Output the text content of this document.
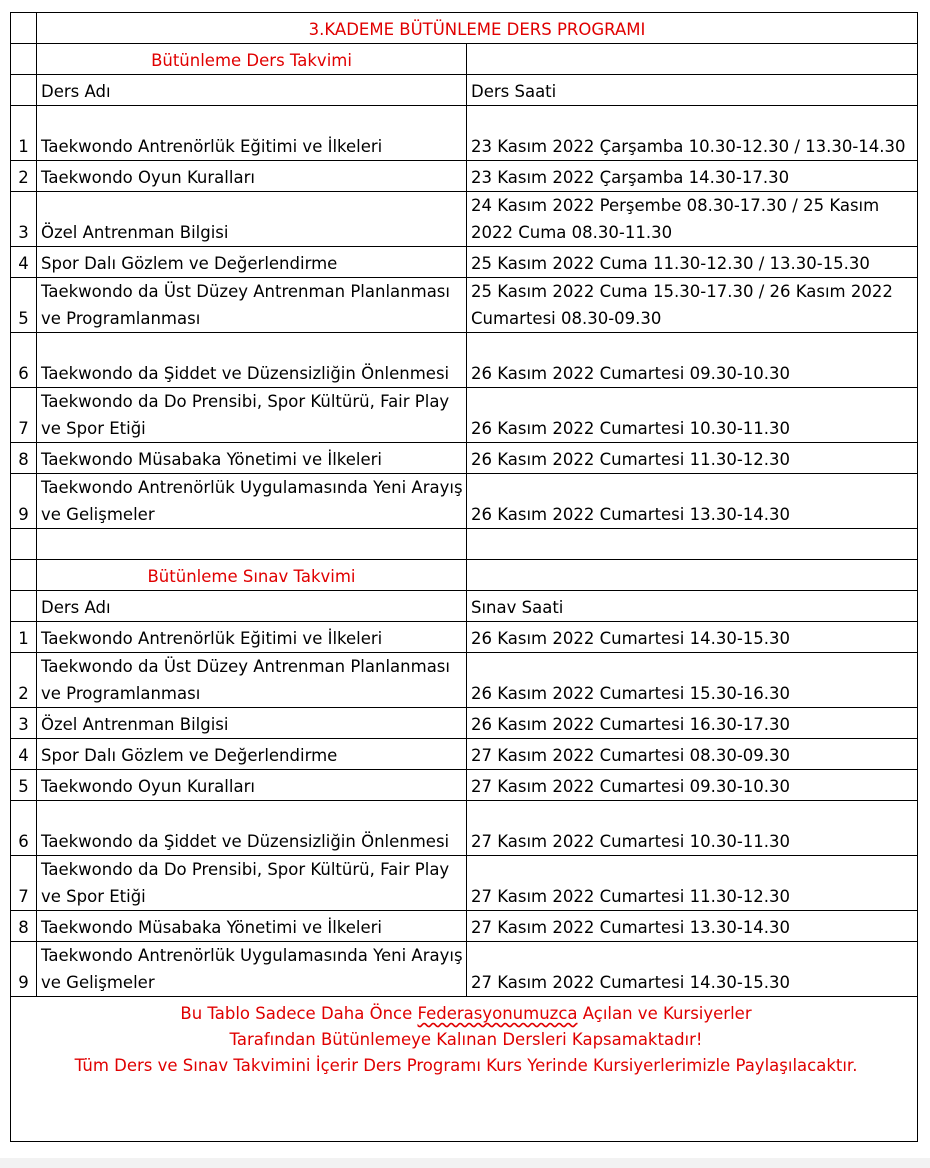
	3.KADEME BÜTÜNLEME DERS PROGRAMI	
	Bütünleme Ders Takvimi	
	Ders Adı	Ders Saati
1	Taekwondo Antrenörlük Eğitimi ve İlkeleri	23 Kasım 2022 Çarşamba 10.30-12.30 / 13.30-14.30
2	Taekwondo Oyun Kuralları	23 Kasım 2022 Çarşamba 14.30-17.30
3	Özel Antrenman Bilgisi	24 Kasım 2022 Perşembe 08.30-17.30 / 25 Kasım 2022 Cuma 08.30-11.30
4	Spor Dalı Gözlem ve Değerlendirme	25 Kasım 2022 Cuma 11.30-12.30 / 13.30-15.30
5	Taekwondo da Üst Düzey Antrenman Planlanması ve Programlanması	25 Kasım 2022 Cuma 15.30-17.30 / 26 Kasım 2022 Cumartesi 08.30-09.30
6	Taekwondo da Şiddet ve Düzensizliğin Önlenmesi	26 Kasım 2022 Cumartesi 09.30-10.30
7	Taekwondo da Do Prensibi, Spor Kültürü, Fair Play ve Spor Etiği	26 Kasım 2022 Cumartesi 10.30-11.30
8	Taekwondo Müsabaka Yönetimi ve İlkeleri	26 Kasım 2022 Cumartesi 11.30-12.30
9	Taekwondo Antrenörlük Uygulamasında Yeni Arayış ve Gelişmeler	26 Kasım 2022 Cumartesi 13.30-14.30

	Bütünleme Sınav Takvimi	
	Ders Adı	Sınav Saati
1	Taekwondo Antrenörlük Eğitimi ve İlkeleri	26 Kasım 2022 Cumartesi 14.30-15.30
2	Taekwondo da Üst Düzey Antrenman Planlanması ve Programlanması	26 Kasım 2022 Cumartesi 15.30-16.30
3	Özel Antrenman Bilgisi	26 Kasım 2022 Cumartesi 16.30-17.30
4	Spor Dalı Gözlem ve Değerlendirme	27 Kasım 2022 Cumartesi 08.30-09.30
5	Taekwondo Oyun Kuralları	27 Kasım 2022 Cumartesi 09.30-10.30
6	Taekwondo da Şiddet ve Düzensizliğin Önlenmesi	27 Kasım 2022 Cumartesi 10.30-11.30
7	Taekwondo da Do Prensibi, Spor Kültürü, Fair Play ve Spor Etiği	27 Kasım 2022 Cumartesi 11.30-12.30
8	Taekwondo Müsabaka Yönetimi ve İlkeleri	27 Kasım 2022 Cumartesi 13.30-14.30
9	Taekwondo Antrenörlük Uygulamasında Yeni Arayış ve Gelişmeler	27 Kasım 2022 Cumartesi 14.30-15.30

Bu Tablo Sadece Daha Önce Federasyonumuzca Açılan ve Kursiyerler
Tarafından Bütünlemeye Kalınan Dersleri Kapsamaktadır!
Tüm Ders ve Sınav Takvimini İçerir Ders Programı Kurs Yerinde Kursiyerlerimizle Paylaşılacaktır.		
